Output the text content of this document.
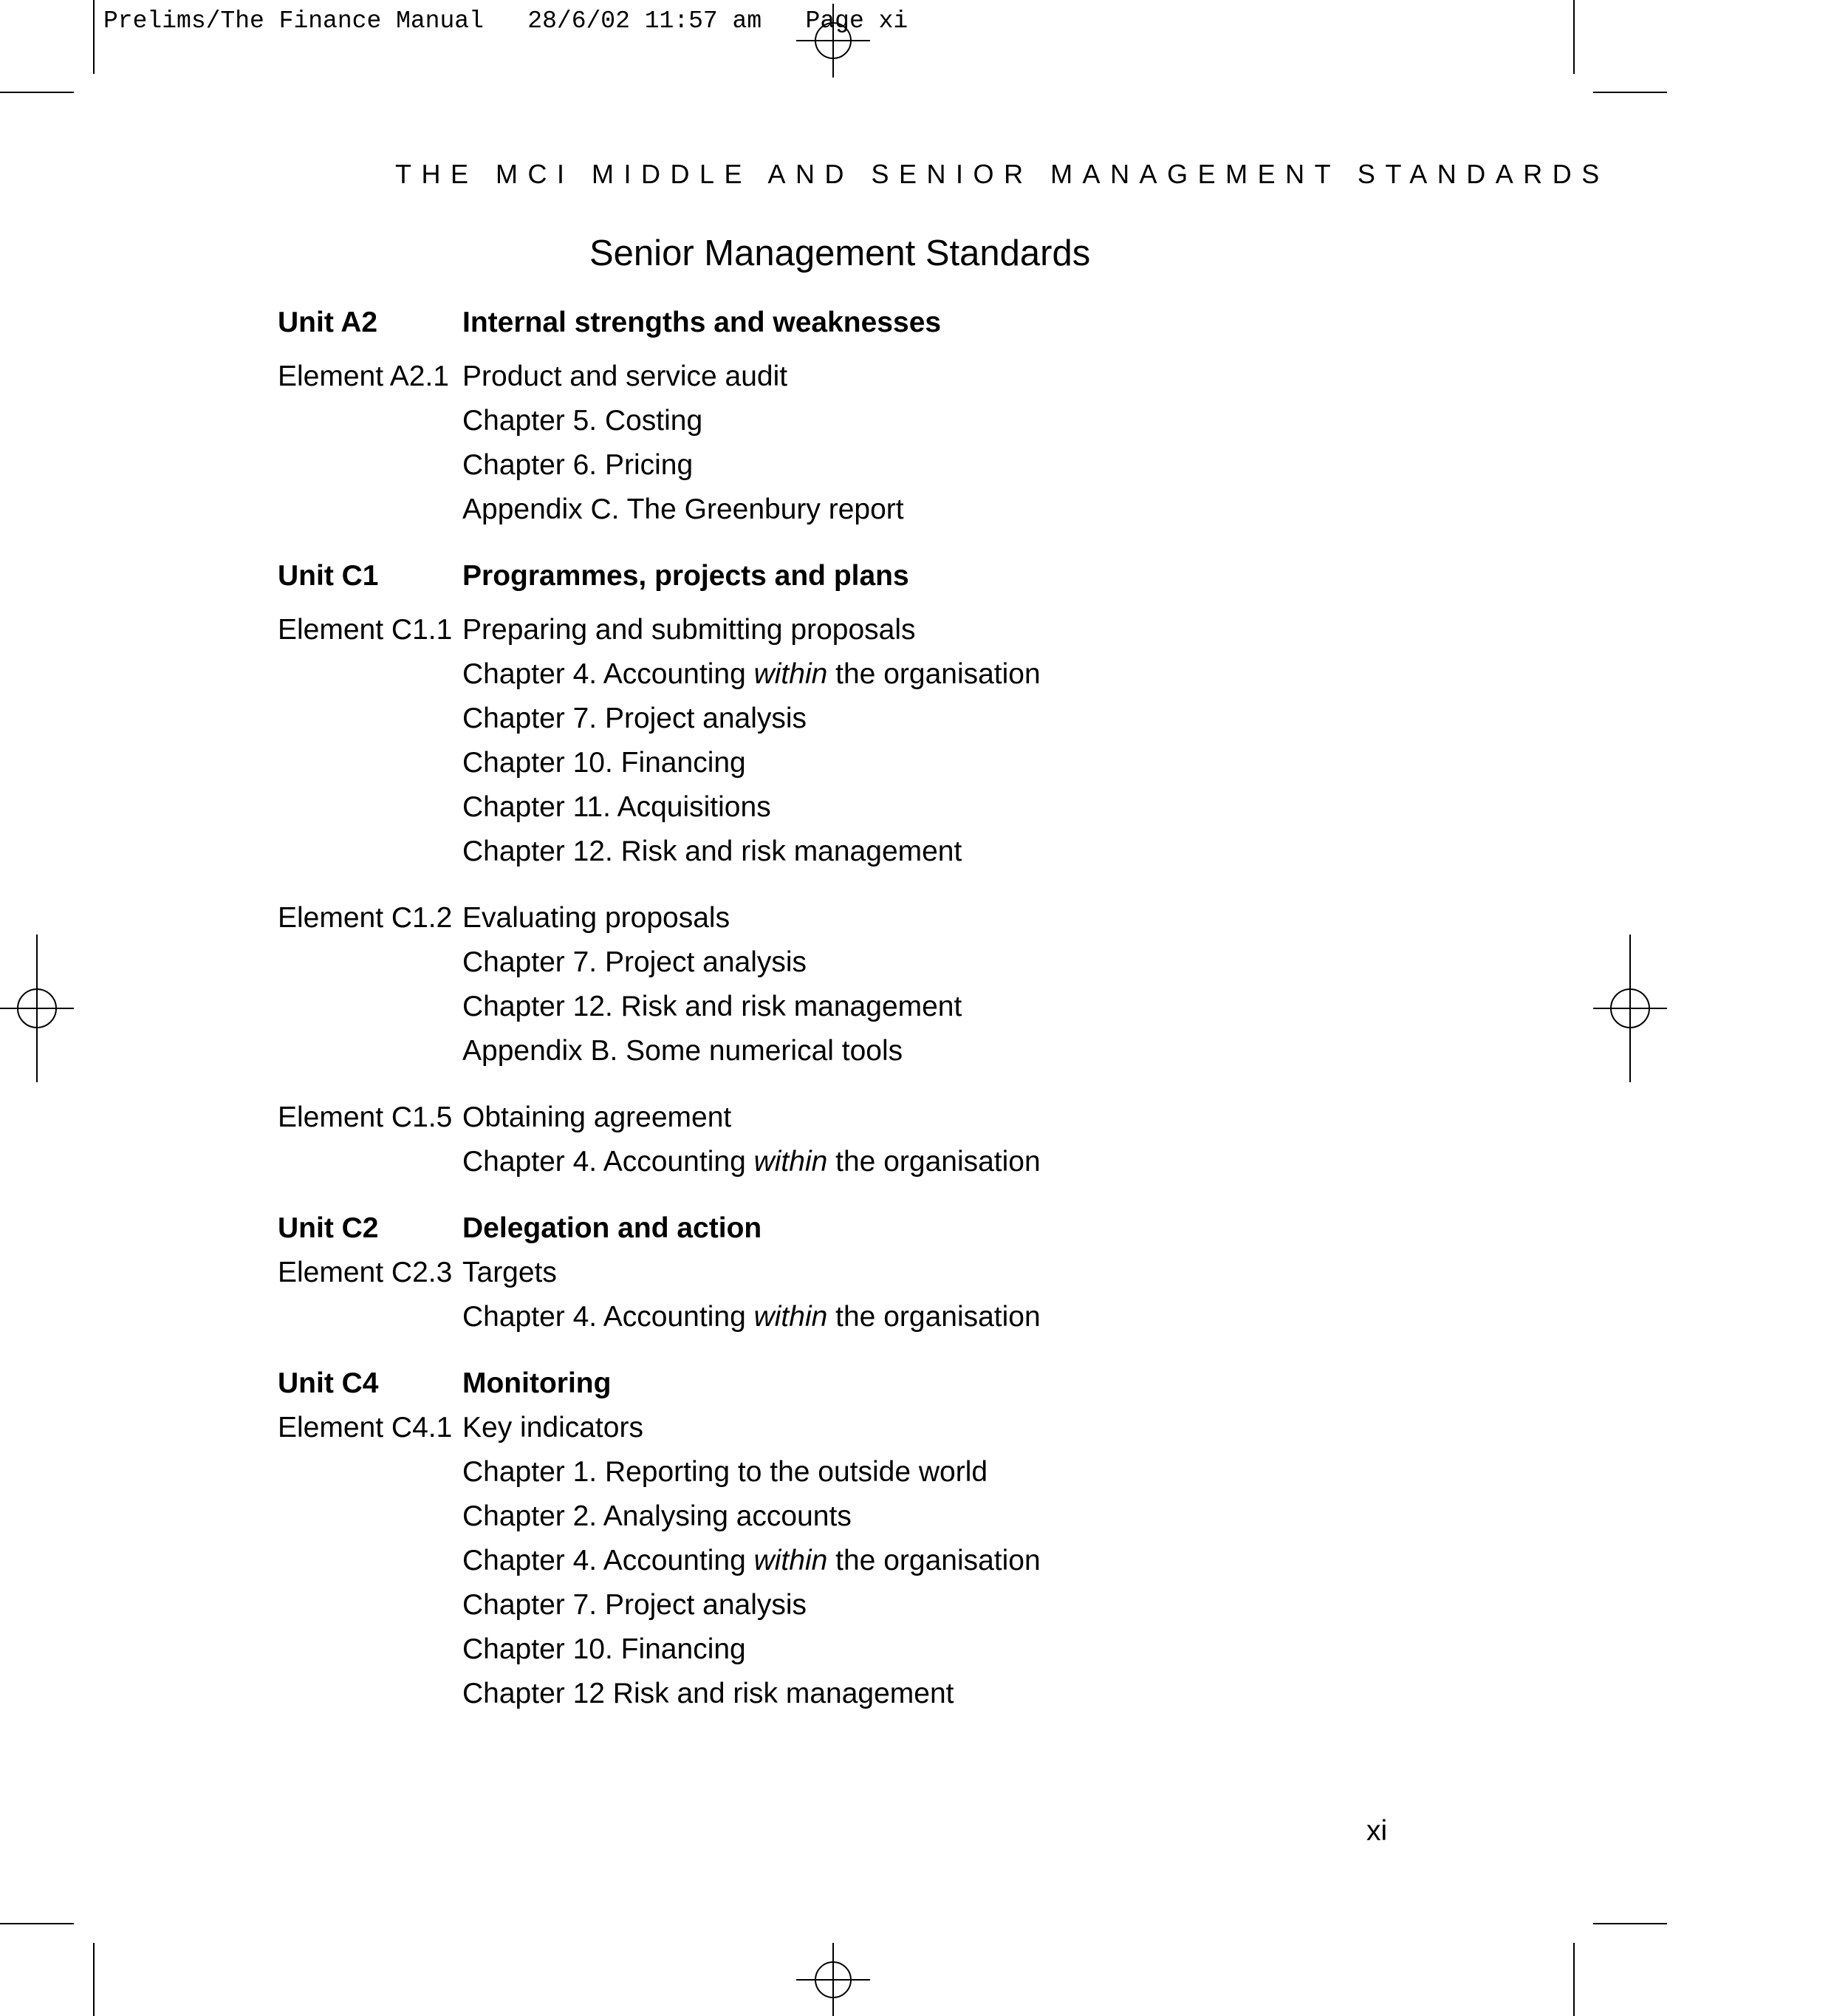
Prelims/The Finance Manual   28/6/02 11:57 am   Page xi
THE MCI MIDDLE AND SENIOR MANAGEMENT STANDARDS
Senior Management Standards
Unit A2	Internal strengths and weaknesses
Element A2.1 Product and service audit
Chapter 5. Costing
Chapter 6. Pricing
Appendix C. The Greenbury report
Unit C1	Programmes, projects and plans
Element C1.1 Preparing and submitting proposals
Chapter 4. Accounting within the organisation
Chapter 7. Project analysis
Chapter 10. Financing
Chapter 11. Acquisitions
Chapter 12. Risk and risk management
Element C1.2 Evaluating proposals
Chapter 7. Project analysis
Chapter 12. Risk and risk management
Appendix B. Some numerical tools
Element C1.5 Obtaining agreement
Chapter 4. Accounting within the organisation
Unit C2	Delegation and action
Element C2.3 Targets
Chapter 4. Accounting within the organisation
Unit C4	Monitoring
Element C4.1 Key indicators
Chapter 1. Reporting to the outside world
Chapter 2. Analysing accounts
Chapter 4. Accounting within the organisation
Chapter 7. Project analysis
Chapter 10. Financing
Chapter 12 Risk and risk management
xi
